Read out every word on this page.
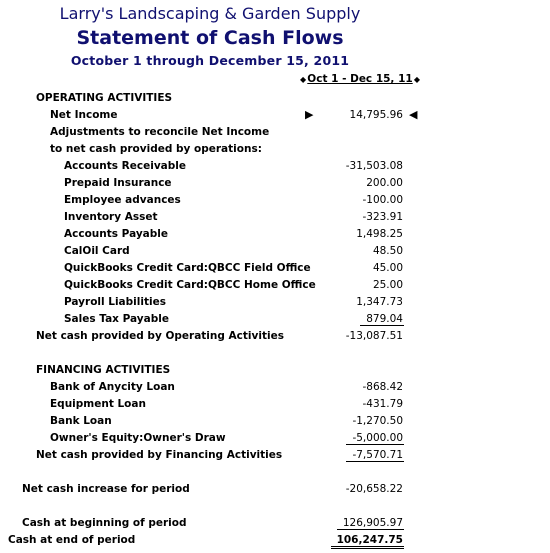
Larry's Landscaping & Garden Supply
Statement of Cash Flows
October 1 through December 15, 2011
◆ Oct 1 - Dec 15, 11 ◆
OPERATING ACTIVITIES
Net Income	▶	14,795.96 ◀
Adjustments to reconcile Net Income
to net cash provided by operations:
Accounts Receivable	-31,503.08
Prepaid Insurance	200.00
Employee advances	-100.00
Inventory Asset	-323.91
Accounts Payable	1,498.25
CalOil Card	48.50
QuickBooks Credit Card:QBCC Field Office	45.00
QuickBooks Credit Card:QBCC Home Office	25.00
Payroll Liabilities	1,347.73
Sales Tax Payable	879.04
Net cash provided by Operating Activities	-13,087.51
FINANCING ACTIVITIES
Bank of Anycity Loan	-868.42
Equipment Loan	-431.79
Bank Loan	-1,270.50
Owner's Equity:Owner's Draw	-5,000.00
Net cash provided by Financing Activities	-7,570.71
Net cash increase for period	-20,658.22
Cash at beginning of period	126,905.97
Cash at end of period	106,247.75
